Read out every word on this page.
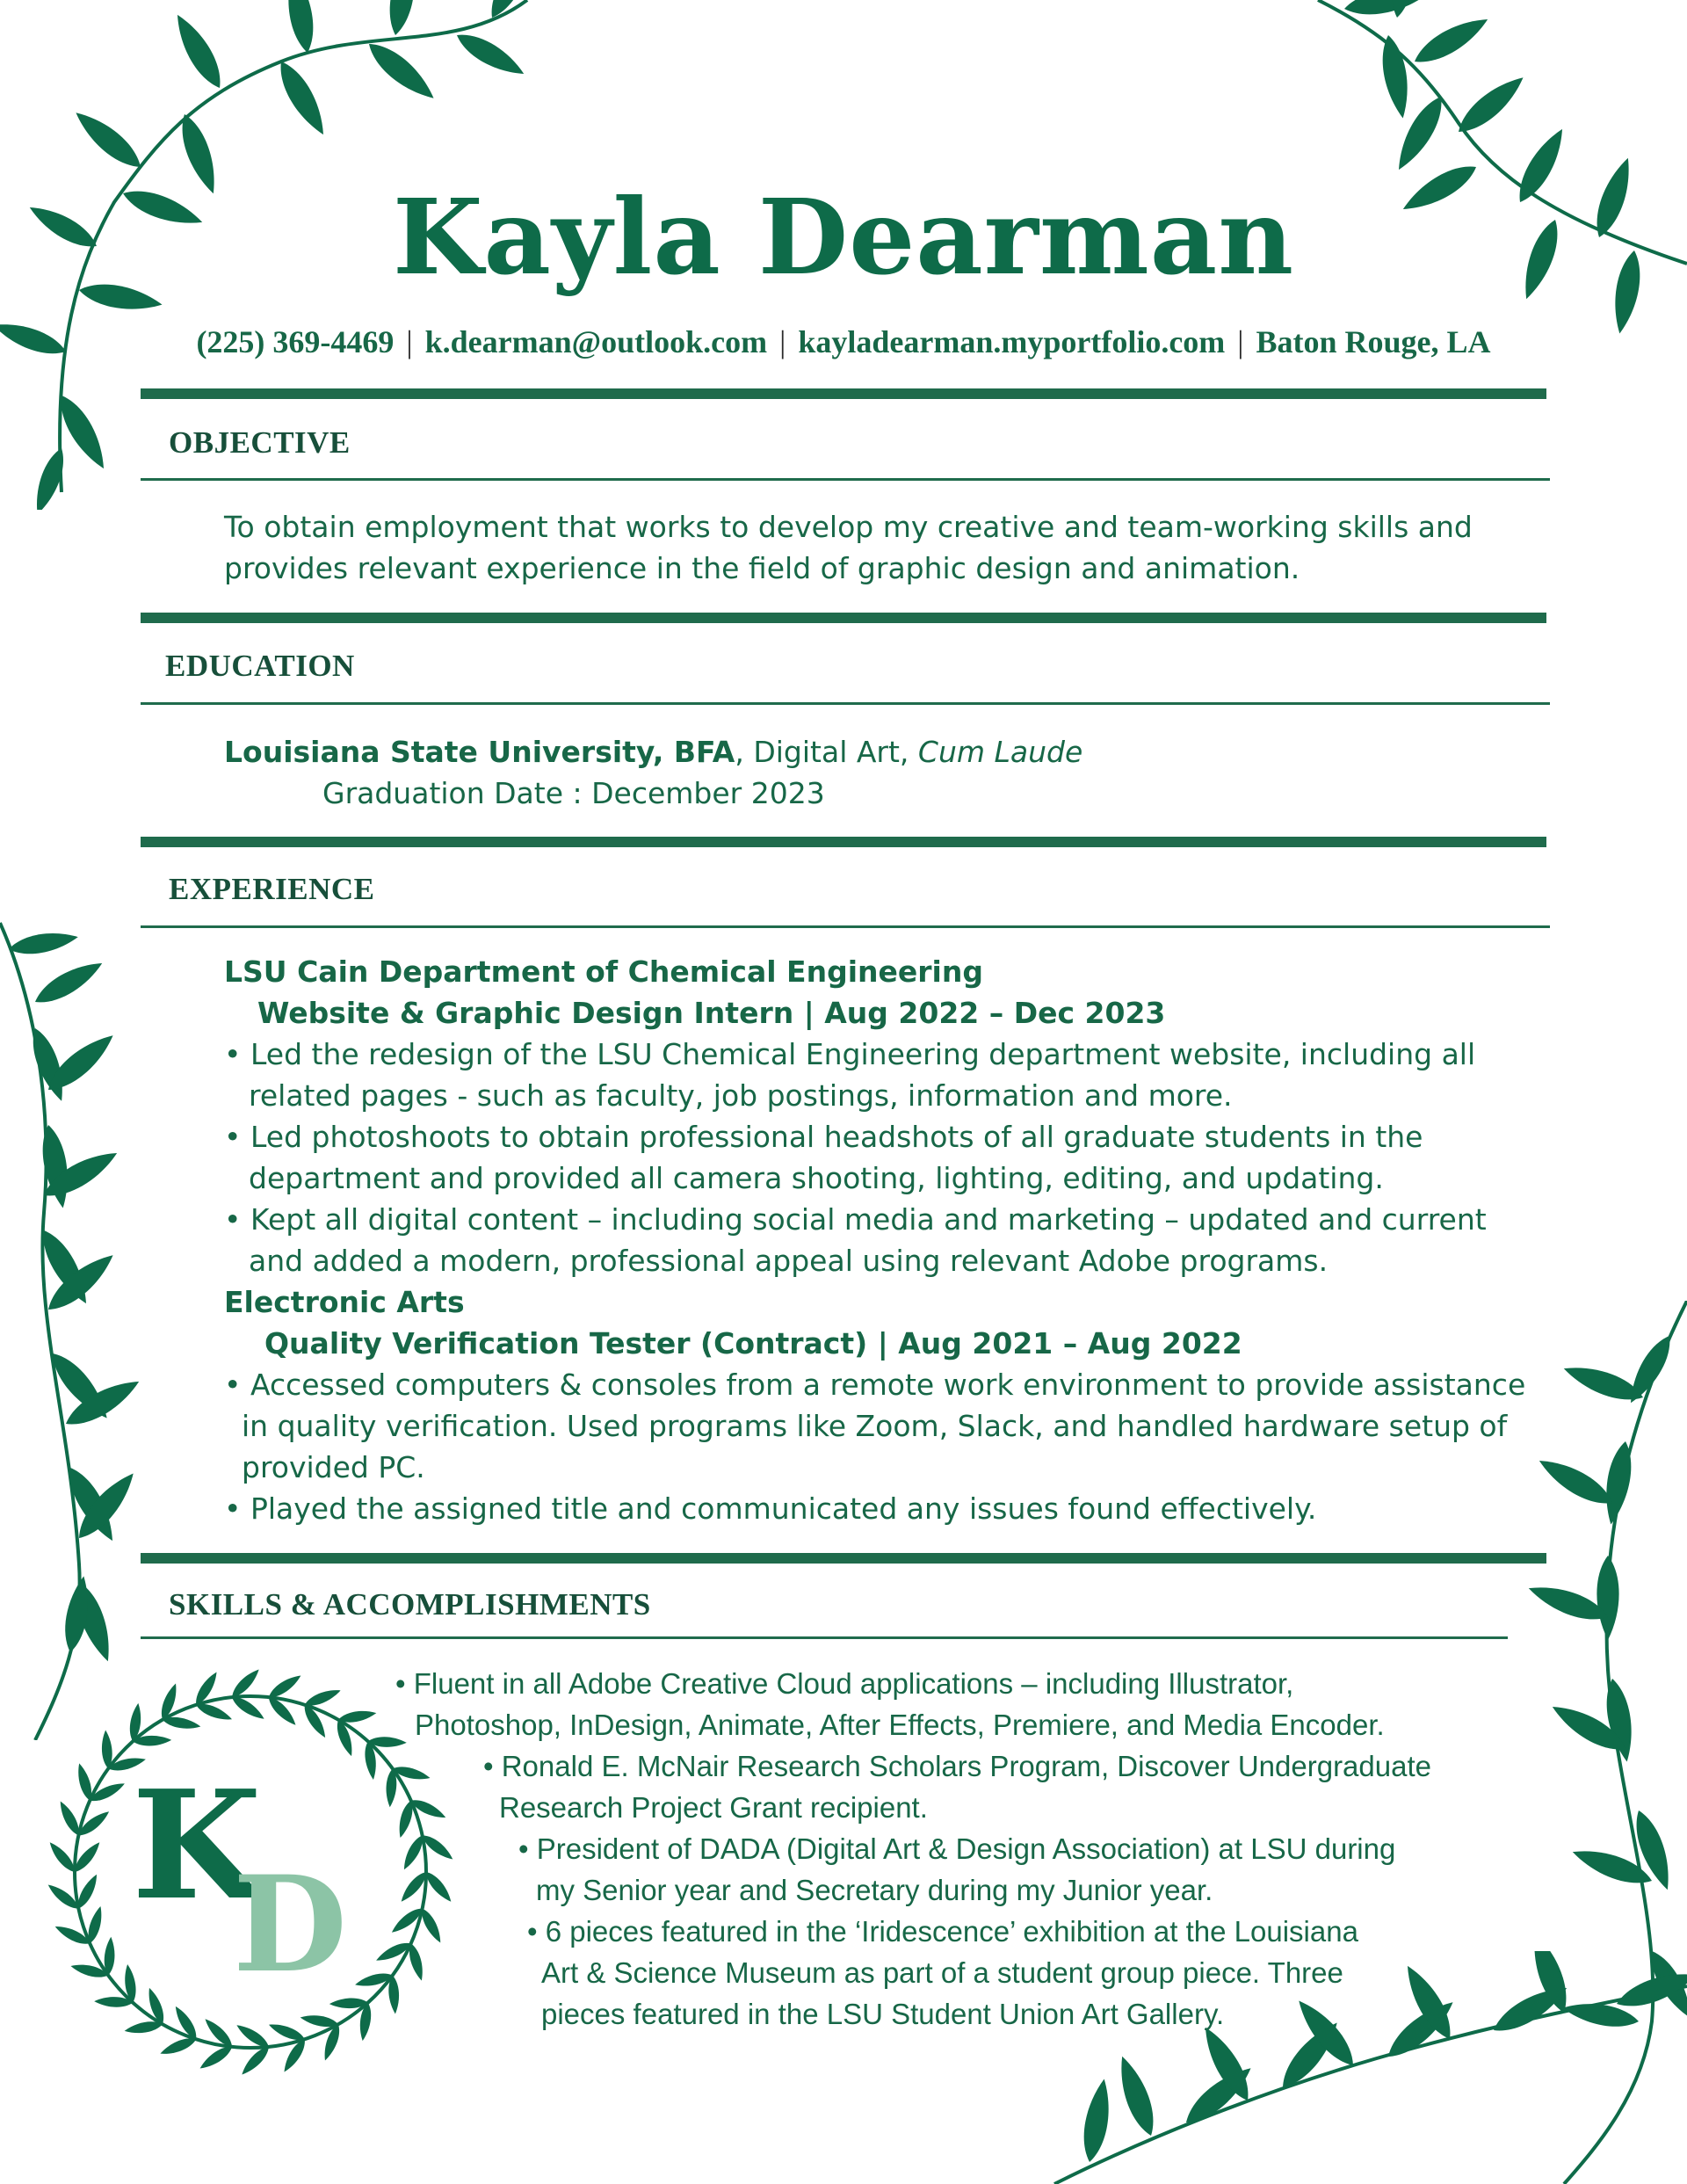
K
D
Kayla Dearman
(225) 369-4469 | k.dearman@outlook.com | kayladearman.myportfolio.com | Baton Rouge, LA
OBJECTIVE
To obtain employment that works to develop my creative and team-working skills and
provides relevant experience in the field of graphic design and animation.
EDUCATION
Louisiana State University, BFA, Digital Art, Cum Laude
Graduation Date : December 2023
EXPERIENCE
LSU Cain Department of Chemical Engineering
Website & Graphic Design Intern | Aug 2022 – Dec 2023
• Led the redesign of the LSU Chemical Engineering department website, including all
related pages - such as faculty, job postings, information and more.
• Led photoshoots to obtain professional headshots of all graduate students in the
department and provided all camera shooting, lighting, editing, and updating.
• Kept all digital content – including social media and marketing – updated and current
and added a modern, professional appeal using relevant Adobe programs.
Electronic Arts
Quality Verification Tester (Contract) | Aug 2021 – Aug 2022
• Accessed computers & consoles from a remote work environment to provide assistance
in quality verification. Used programs like Zoom, Slack, and handled hardware setup of
provided PC.
• Played the assigned title and communicated any issues found effectively.
SKILLS & ACCOMPLISHMENTS
• Fluent in all Adobe Creative Cloud applications – including Illustrator,
Photoshop, InDesign, Animate, After Effects, Premiere, and Media Encoder.
• Ronald E. McNair Research Scholars Program, Discover Undergraduate
Research Project Grant recipient.
• President of DADA (Digital Art & Design Association) at LSU during
my Senior year and Secretary during my Junior year.
• 6 pieces featured in the ‘Iridescence’ exhibition at the Louisiana
Art & Science Museum as part of a student group piece. Three
pieces featured in the LSU Student Union Art Gallery.
